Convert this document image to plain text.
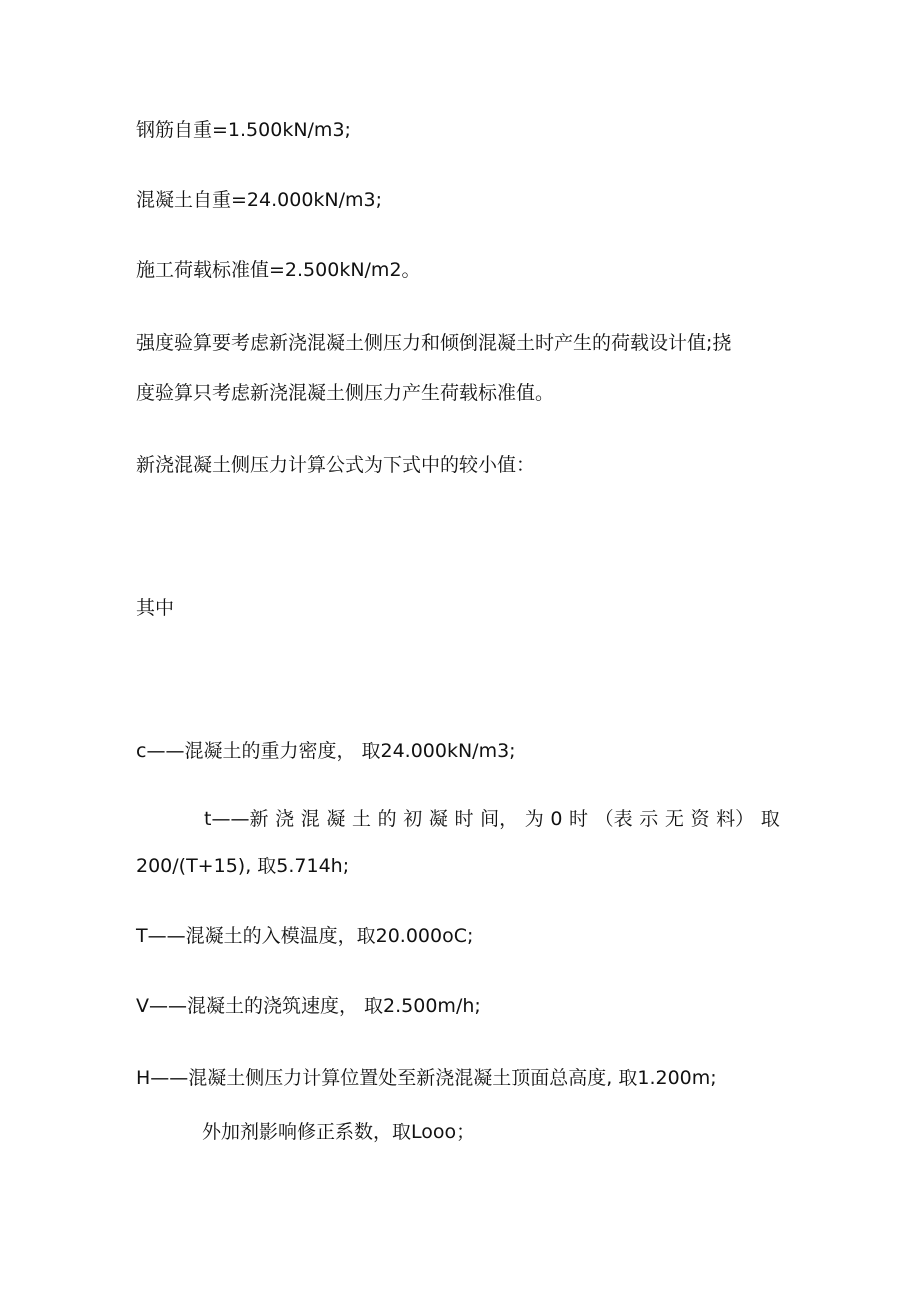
钢筋自重=1.500kN/m3;
混凝土自重=24.000kN/m3;
施工荷载标准值=2.500kN/m2。
强度验算要考虑新浇混凝土侧压力和倾倒混凝土时产生的荷载设计值;挠
度验算只考虑新浇混凝土侧压力产生荷载标准值。
新浇混凝土侧压力计算公式为下式中的较小值：
其中
c——混凝土的重力密度， 取24.000kN/m3;
t——新 浇 混 凝 土 的 初 凝 时 间， 为 0 时 （表 示 无 资 料） 取
200/(T+15), 取5.714h;
T——混凝土的入模温度，取20.000oC;
V——混凝土的浇筑速度， 取2.500m/h;
H——混凝土侧压力计算位置处至新浇混凝土顶面总高度, 取1.200m;
外加剂影响修正系数，取Looo；
